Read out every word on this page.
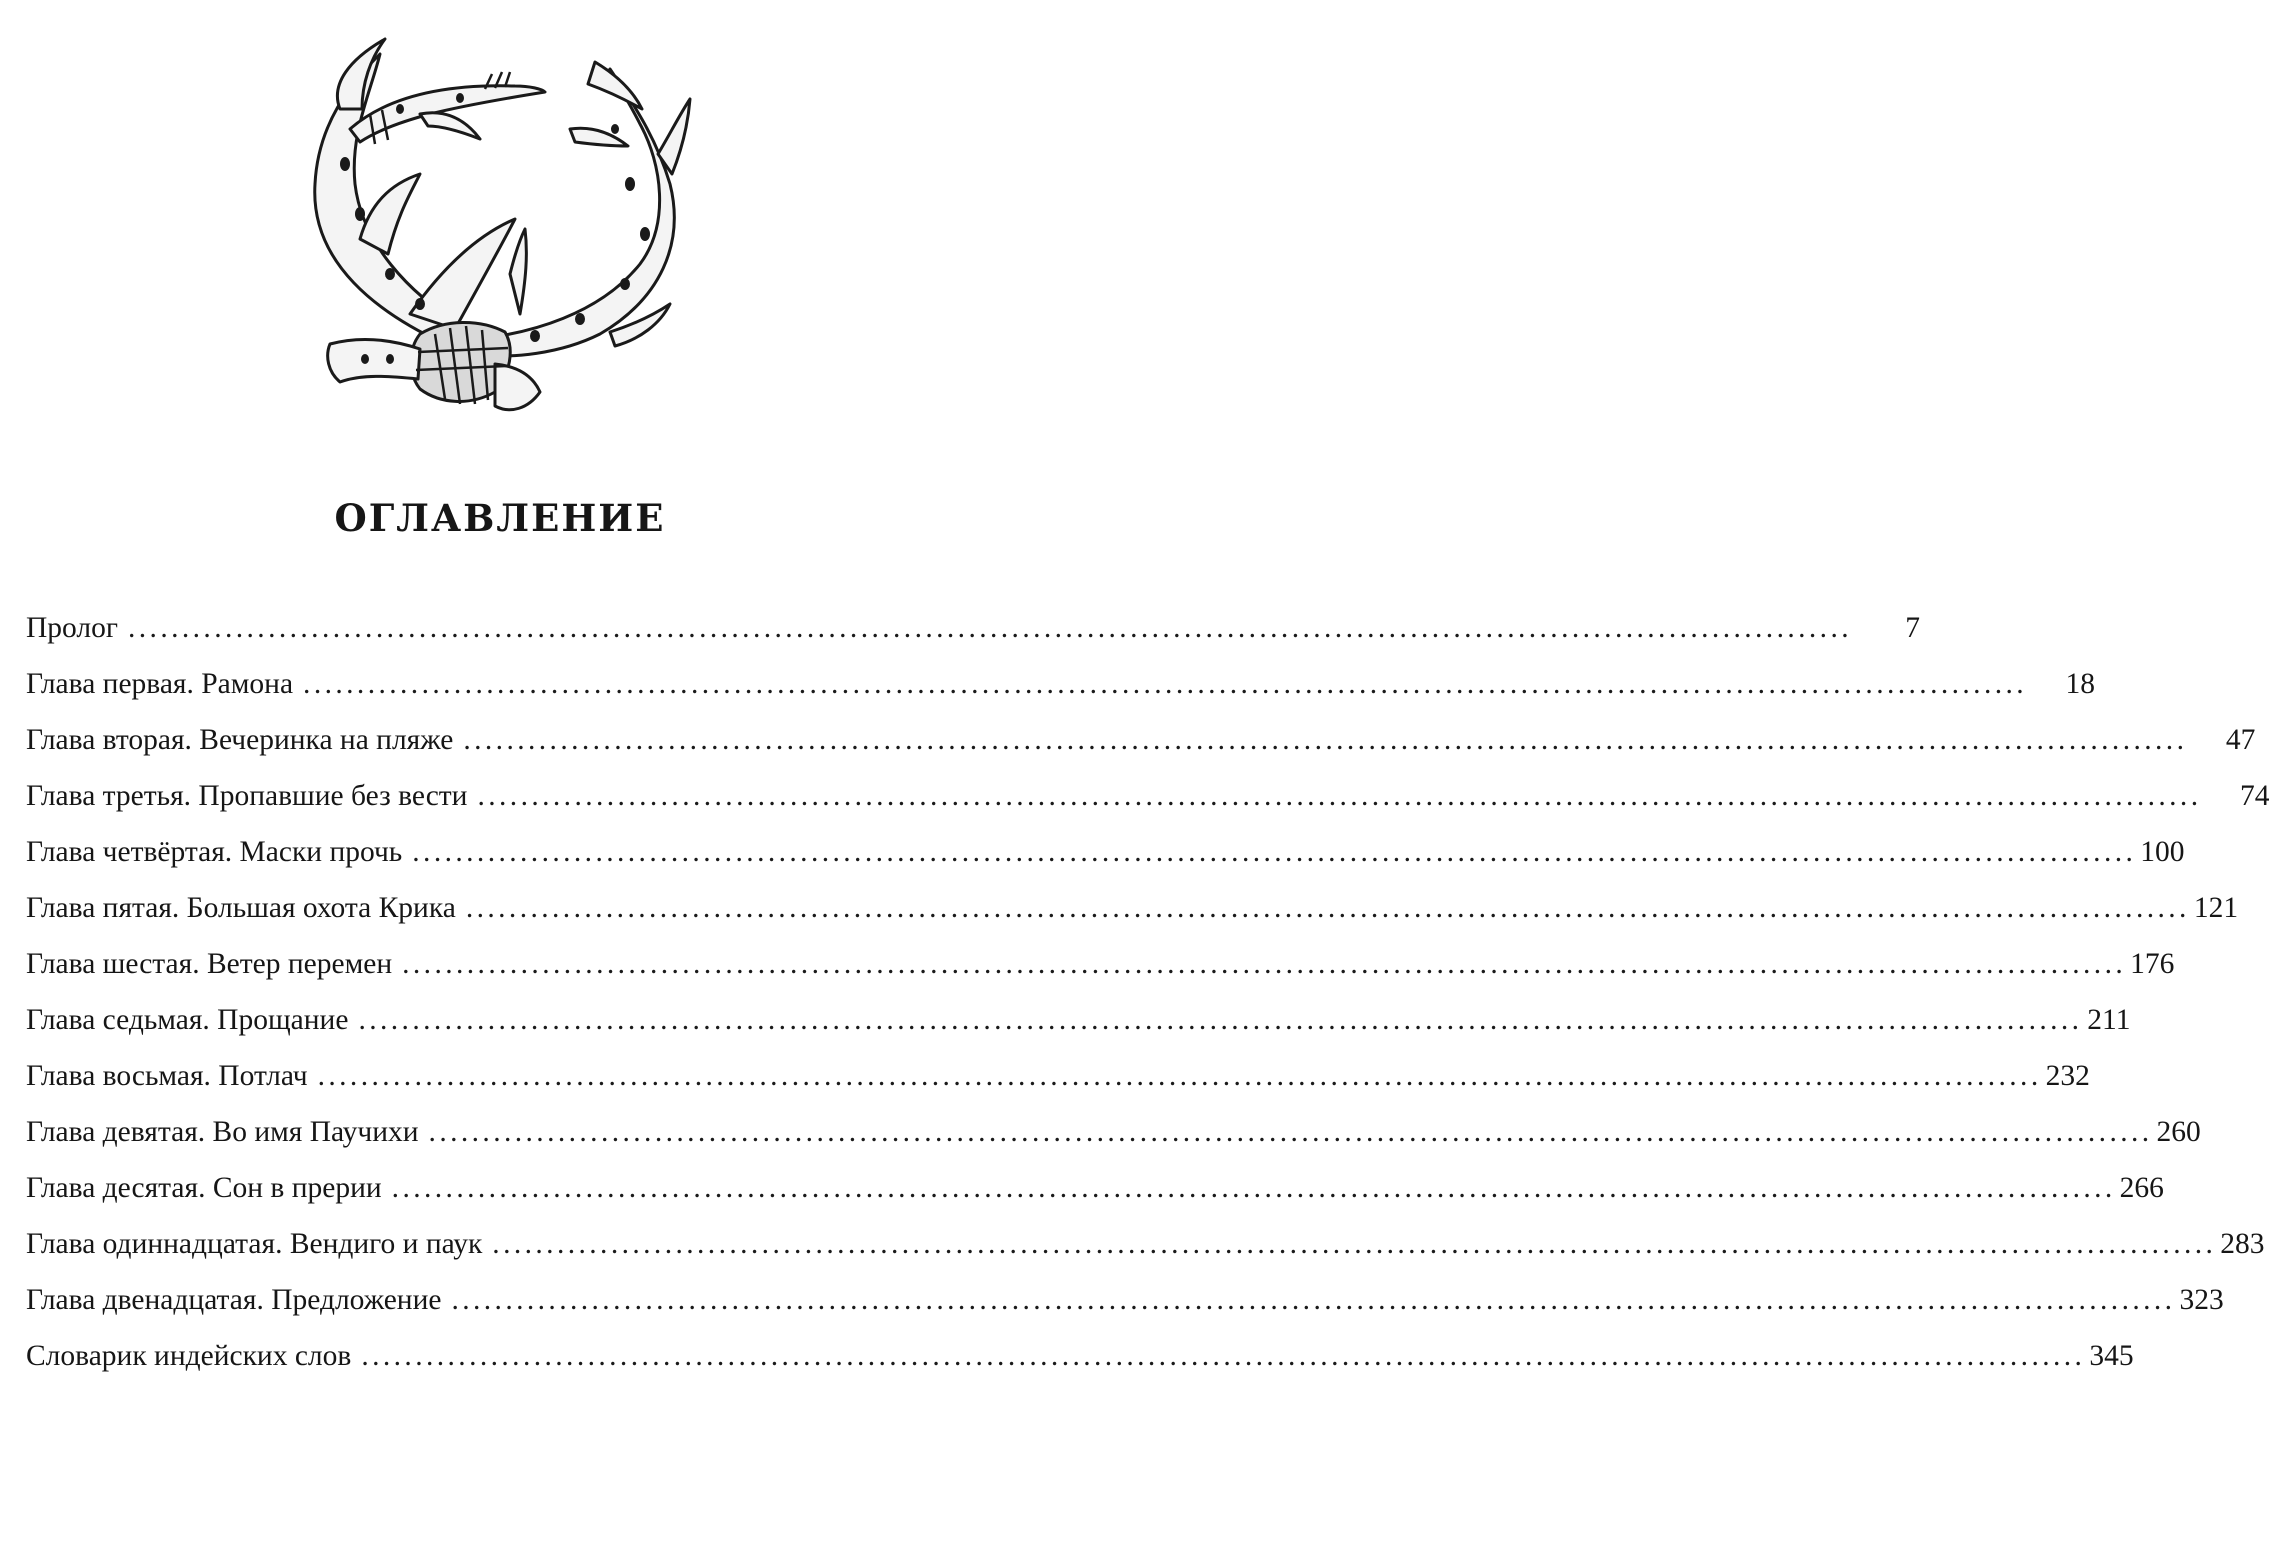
ОГЛАВЛЕНИЕ
Пролог ................................................................................................................................................................	7
Глава первая. Рамона ................................................................................................................................................................	18
Глава вторая. Вечеринка на пляже ................................................................................................................................................................	47
Глава третья. Пропавшие без вести ................................................................................................................................................................	74
Глава четвёртая. Маски прочь ................................................................................................................................................................ 100
Глава пятая. Большая охота Крика ................................................................................................................................................................ 121
Глава шестая. Ветер перемен ................................................................................................................................................................ 176
Глава седьмая. Прощание ................................................................................................................................................................ 211
Глава восьмая. Потлач ................................................................................................................................................................ 232
Глава девятая. Во имя Паучихи ................................................................................................................................................................ 260
Глава десятая. Сон в прерии ................................................................................................................................................................ 266
Глава одиннадцатая. Вендиго и паук ................................................................................................................................................................ 283
Глава двенадцатая. Предложение ................................................................................................................................................................ 323
Словарик индейских слов ................................................................................................................................................................ 345
